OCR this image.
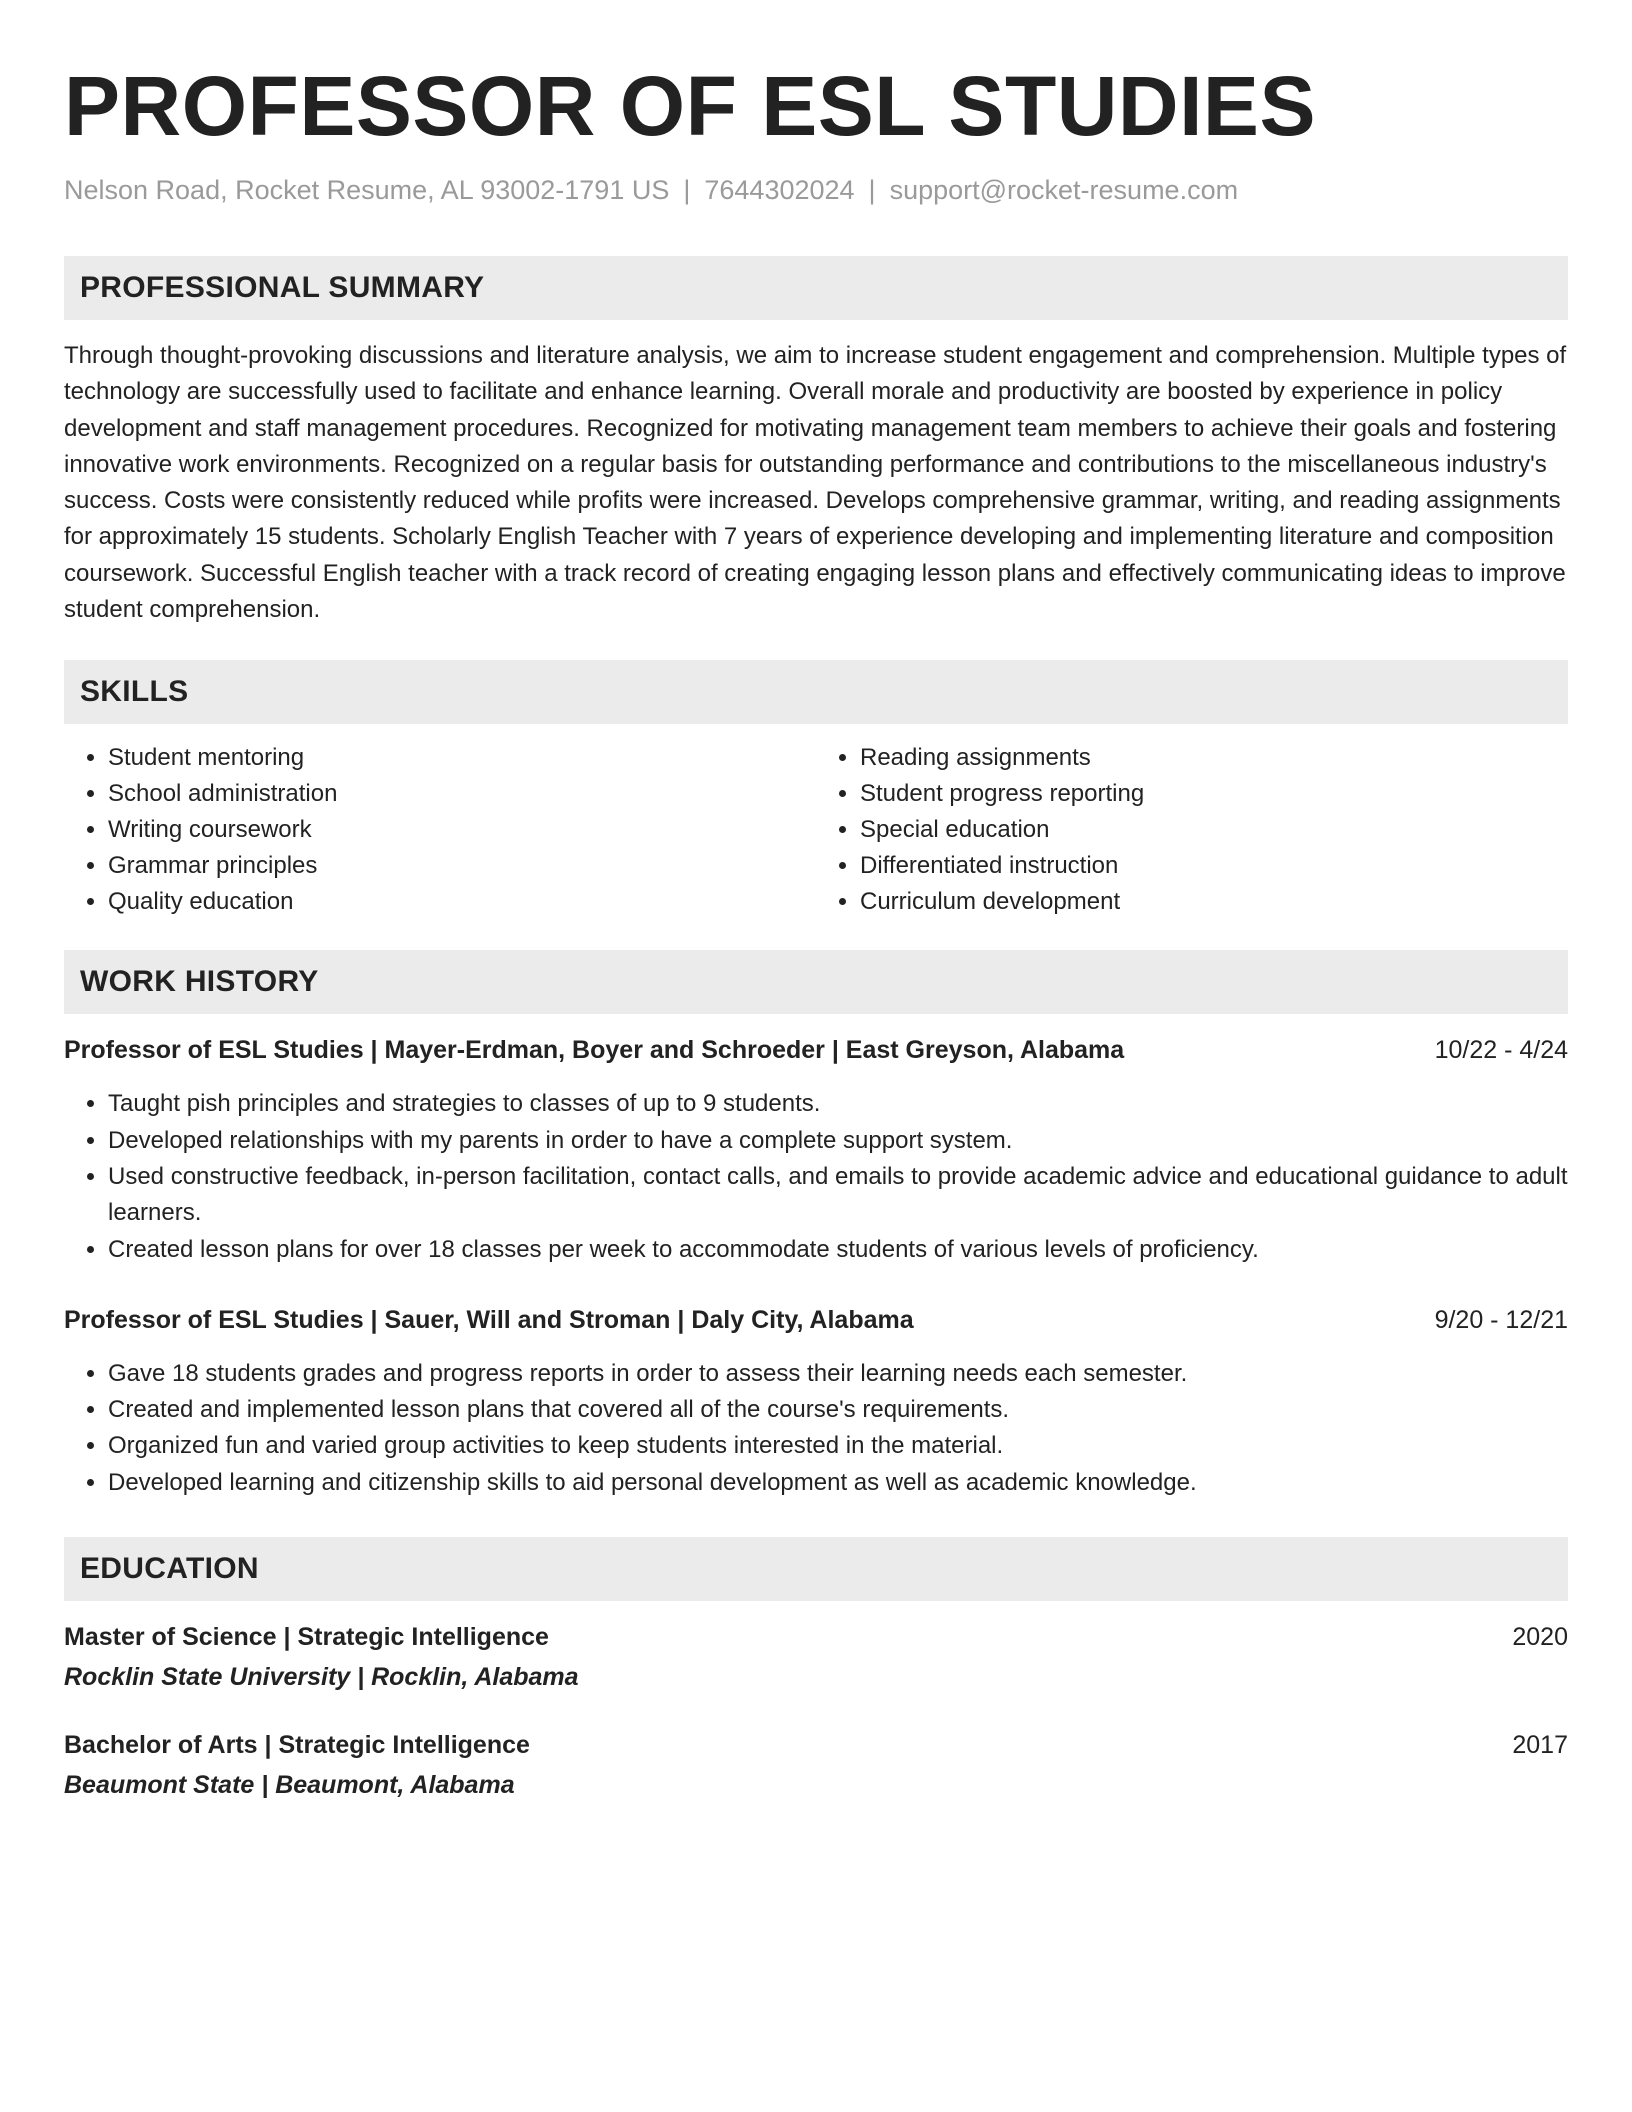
PROFESSOR OF ESL STUDIES
Nelson Road, Rocket Resume, AL 93002-1791 US | 7644302024 | support@rocket-resume.com
PROFESSIONAL SUMMARY

Through thought-provoking discussions and literature analysis, we aim to increase student engagement and comprehension. Multiple types of technology are successfully used to facilitate and enhance learning. Overall morale and productivity are boosted by experience in policy development and staff management procedures. Recognized for motivating management team members to achieve their goals and fostering innovative work environments. Recognized on a regular basis for outstanding performance and contributions to the miscellaneous industry's success. Costs were consistently reduced while profits were increased. Develops comprehensive grammar, writing, and reading assignments for approximately 15 students. Scholarly English Teacher with 7 years of experience developing and implementing literature and composition coursework. Successful English teacher with a track record of creating engaging lesson plans and effectively communicating ideas to improve student comprehension.

SKILLS
• Student mentoring
• School administration
• Writing coursework
• Grammar principles
• Quality education
• Reading assignments
• Student progress reporting
• Special education
• Differentiated instruction
• Curriculum development
WORK HISTORY
Professor of ESL Studies | Mayer-Erdman, Boyer and Schroeder | East Greyson, Alabama	10/22 - 4/24
• Taught pish principles and strategies to classes of up to 9 students.
• Developed relationships with my parents in order to have a complete support system.
• Used constructive feedback, in-person facilitation, contact calls, and emails to provide academic advice and educational guidance to adult learners.
• Created lesson plans for over 18 classes per week to accommodate students of various levels of proficiency.
Professor of ESL Studies | Sauer, Will and Stroman | Daly City, Alabama	9/20 - 12/21
• Gave 18 students grades and progress reports in order to assess their learning needs each semester.
• Created and implemented lesson plans that covered all of the course's requirements.
• Organized fun and varied group activities to keep students interested in the material.
• Developed learning and citizenship skills to aid personal development as well as academic knowledge.
EDUCATION
Master of Science | Strategic Intelligence	2020
Rocklin State University | Rocklin, Alabama
Bachelor of Arts | Strategic Intelligence	2017
Beaumont State | Beaumont, Alabama
